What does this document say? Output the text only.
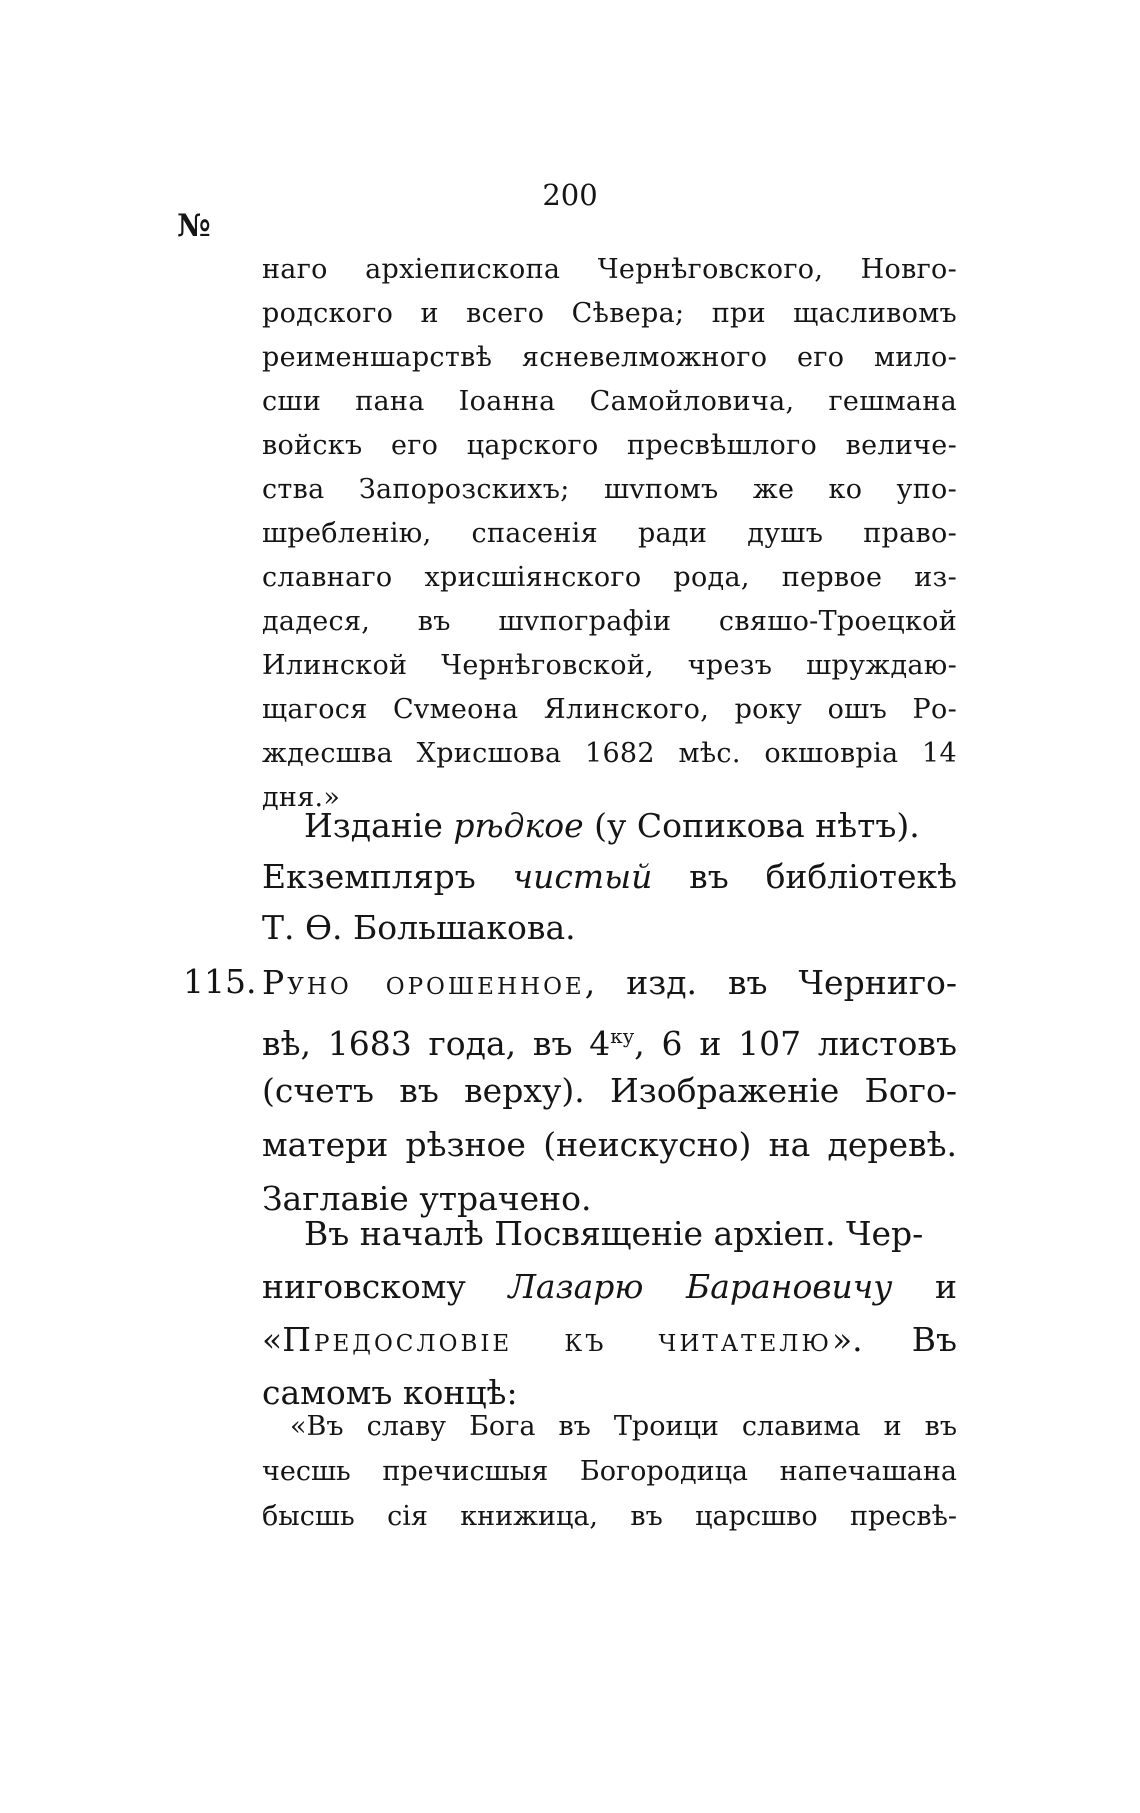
200
№
наго архіепископа Чернѣговского, Новго-
родского и всего Сѣвера; при щасливомъ
реименшарствѣ ясневелможного его мило-
сши пана Іоанна Самойловича, гешмана
войскъ его царского пресвѣшлого величе-
ства Запорозскихъ; шvпомъ же ко упо-
шребленію, спасенія ради душъ право-
славнаго хрисшіянского рода, первое из-
дадеся, въ шvпографіи свяшо-Троецкой
Илинской Чернѣговской, чрезъ шруждаю-
щагося Сvмеона Ялинского, року ошъ Ро-
ждесшва Хрисшова 1682 мѣс. окшовріа 14
дня.»
Изданіе рѣдкое (у Сопикова нѣтъ).
Екземпляръ чистый въ библіотекѣ
Т. Ѳ. Большакова.
115. Руно орошенное, изд. въ Чернигo-
вѣ, 1683 года, въ $4^{ку}$, 6 и 107 листовъ
(счетъ въ верху). Изображеніе Бого-
матери рѣзное (неискусно) на деревѣ.
Заглавіе утрачено.
Въ началѣ Посвященіе архіеп. Чер-
ниговскому Лазарю Барановичу и
«Предословіе къ читателю». Въ
самомъ концѣ:
«Въ славу Бога въ Троици славима и въ
чесшь пречисшыя Богородица напечашана
бысшь сія книжица, въ царсшво пресвѣ-
